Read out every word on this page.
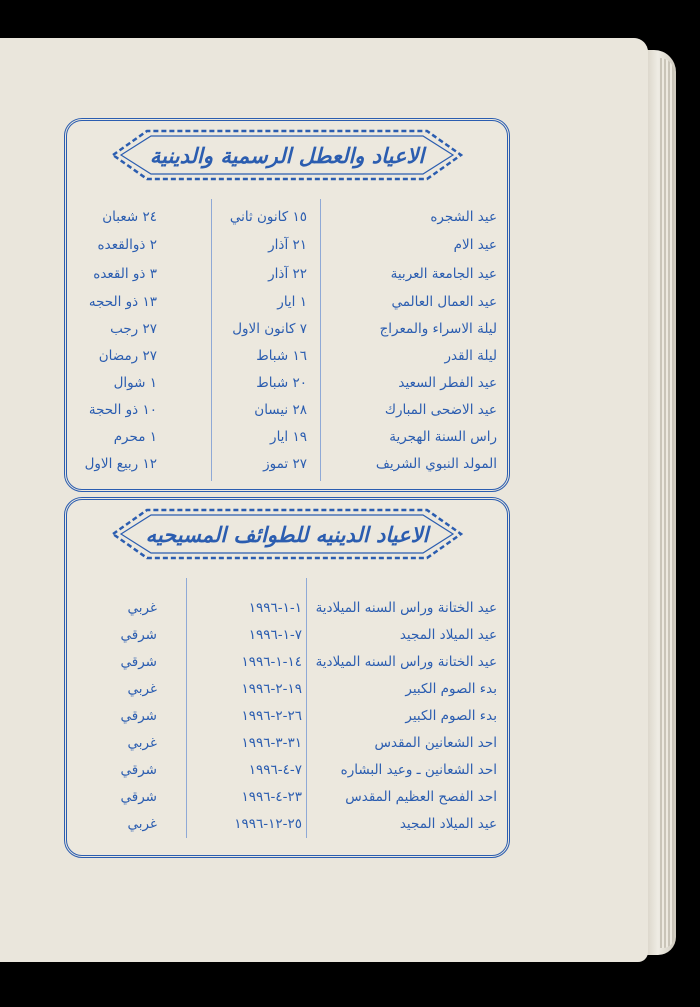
الاعياد والعطل الرسمية والدينية
عيد الشجره
١٥ كانون ثاني
٢٤ شعبان
عيد الام
٢١ آذار
٢ ذوالقعده
عيد الجامعة العربية
٢٢ آذار
٣ ذو القعده
عيد العمال العالمي
١ ايار
١٣ ذو الحجه
ليلة الاسراء والمعراج
٧ كانون الاول
٢٧ رجب
ليلة القدر
١٦ شباط
٢٧ رمضان
عيد الفطر السعيد
٢٠ شباط
١ شوال
عيد الاضحى المبارك
٢٨ نيسان
١٠ ذو الحجة
راس السنة الهجرية
١٩ ايار
١ محرم
المولد النبوي الشريف
٢٧ تموز
١٢ ربيع الاول
الاعياد الدينيه للطوائف المسيحيه
عيد الختانة وراس السنه الميلادية
١-١-١٩٩٦
غربي
عيد الميلاد المجيد
٧-١-١٩٩٦
شرقي
عيد الختانة وراس السنه الميلادية
١٤-١-١٩٩٦
شرقي
بدء الصوم الكبير
١٩-٢-١٩٩٦
غربي
بدء الصوم الكبير
٢٦-٢-١٩٩٦
شرقي
احد الشعانين المقدس
٣١-٣-١٩٩٦
غربي
احد الشعانين ـ وعيد البشاره
٧-٤-١٩٩٦
شرقي
احد الفصح العظيم المقدس
٢٣-٤-١٩٩٦
شرقي
عيد الميلاد المجيد
٢٥-١٢-١٩٩٦
غربي
